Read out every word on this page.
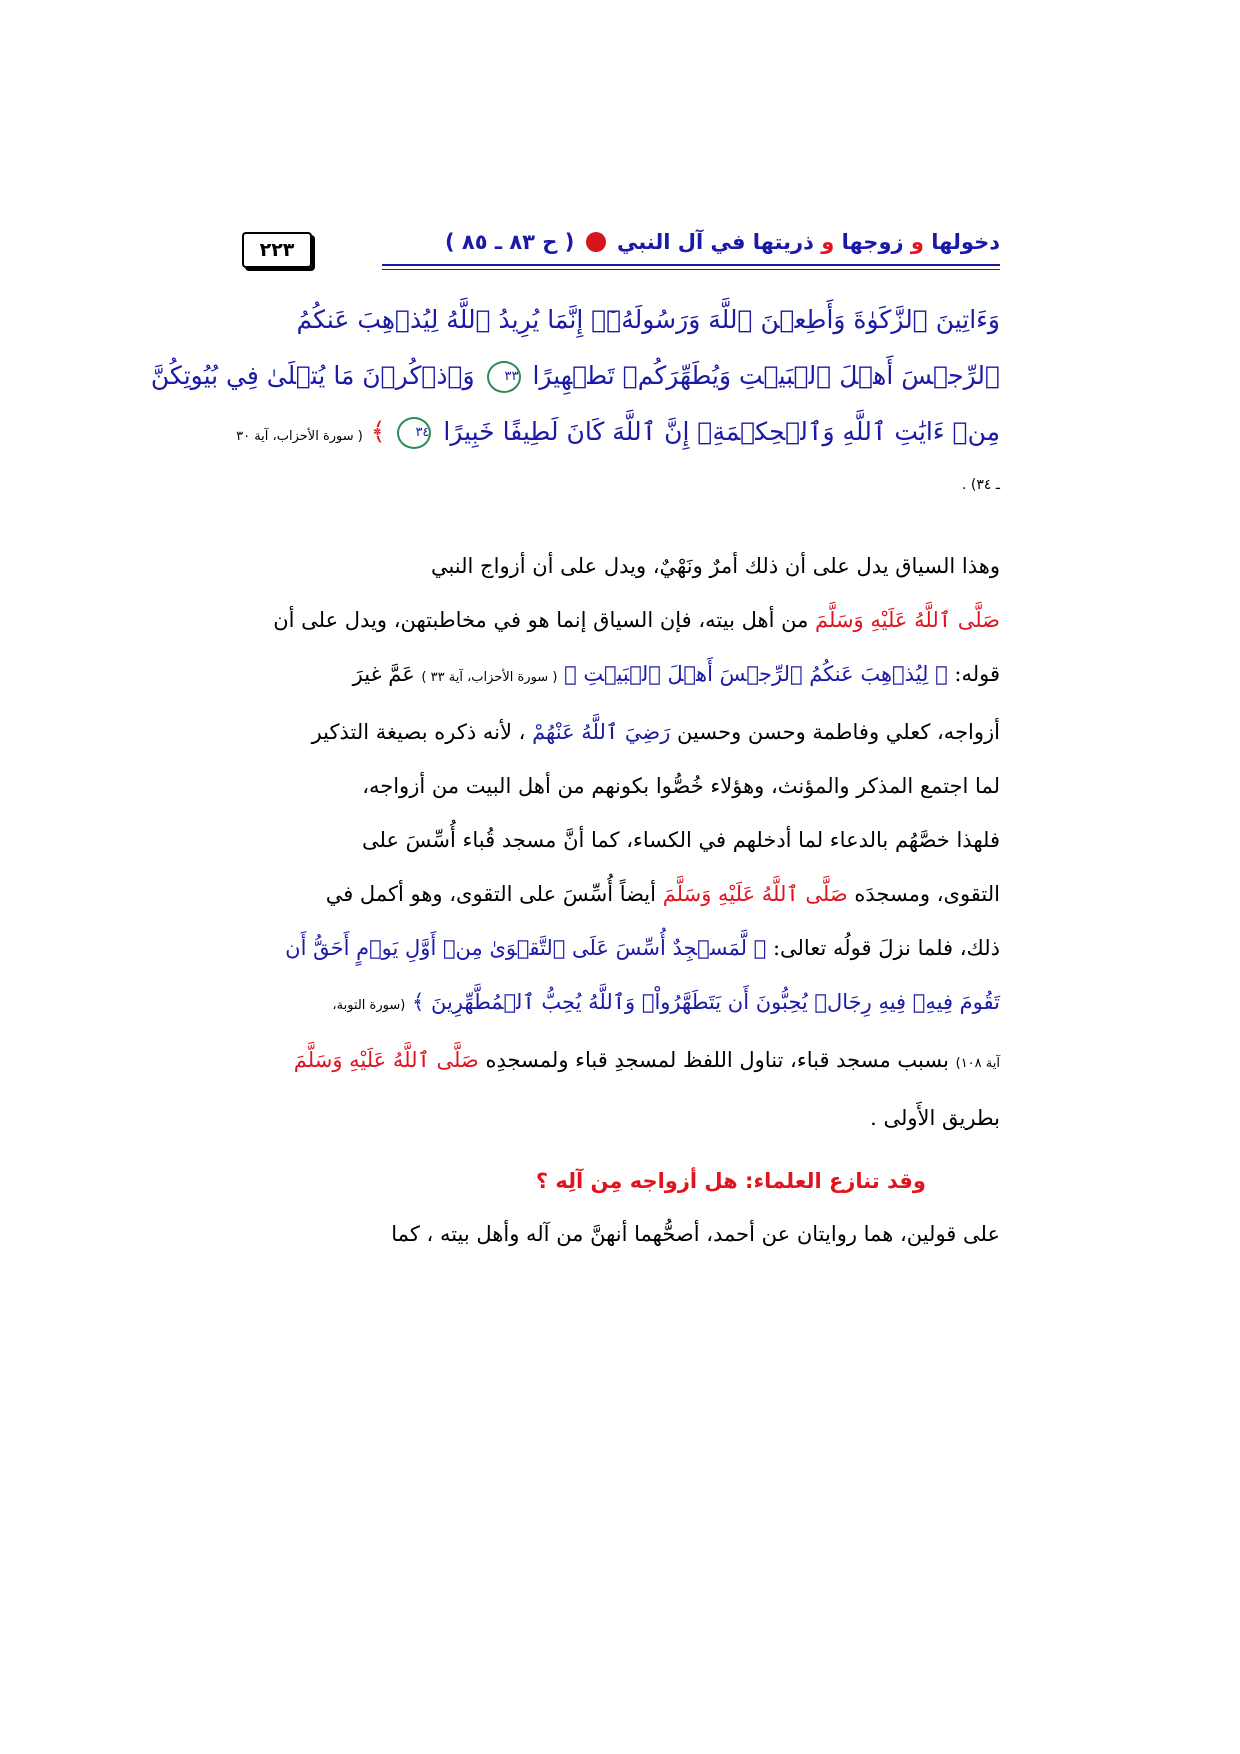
دخولها و زوجها و ذريتها في آل النبي  ( ح ٨٣ ـ ٨٥ )
٢٢٣
وَءَاتِينَ ٱلزَّكَوٰةَ وَأَطِعۡنَ ٱللَّهَ وَرَسُولَهُۥٓۚ إِنَّمَا يُرِيدُ ٱللَّهُ لِيُذۡهِبَ عَنكُمُ
ٱلرِّجۡسَ أَهۡلَ ٱلۡبَيۡتِ وَيُطَهِّرَكُمۡ تَطۡهِيرًا ٣٣ وَٱذۡكُرۡنَ مَا يُتۡلَىٰ فِي بُيُوتِكُنَّ
مِنۡ ءَايَٰتِ ٱللَّهِ وَٱلۡحِكۡمَةِۚ إِنَّ ٱللَّهَ كَانَ لَطِيفًا خَبِيرًا ٣٤ ﴾ ( سورة الأحزاب، آية ٣٠
ـ ٣٤) .
وهذا السياق يدل على أن ذلك أمرٌ ونَهْيٌ، ويدل على أن أزواج النبي
صَلَّى ٱللَّهُ عَلَيْهِ وَسَلَّمَ من أهل بيته، فإن السياق إنما هو في مخاطبتهن، ويدل على أن
قوله: ﴿ لِيُذۡهِبَ عَنكُمُ ٱلرِّجۡسَ أَهۡلَ ٱلۡبَيۡتِ ﴾ ( سورة الأحزاب، آية ٣٣ ) عَمَّ غيرَ
أزواجه، كعلي وفاطمة وحسن وحسين رَضِيَ ٱللَّهُ عَنْهُمْ ، لأنه ذكره بصيغة التذكير
لما اجتمع المذكر والمؤنث، وهؤلاء خُصُّوا بكونهم من أهل البيت من أزواجه،
فلهذا خصَّهُم بالدعاء لما أدخلهم في الكساء، كما أنَّ مسجد قُباء أُسِّسَ على
التقوى، ومسجدَه صَلَّى ٱللَّهُ عَلَيْهِ وَسَلَّمَ أيضاً أُسِّسَ على التقوى، وهو أكمل في
ذلك، فلما نزلَ قولُه تعالى: ﴿ لَّمَسۡجِدٌ أُسِّسَ عَلَى ٱلتَّقۡوَىٰ مِنۡ أَوَّلِ يَوۡمٍ أَحَقُّ أَن
تَقُومَ فِيهِۚ فِيهِ رِجَالٞ يُحِبُّونَ أَن يَتَطَهَّرُواْۚ وَٱللَّهُ يُحِبُّ ٱلۡمُطَّهِّرِينَ ﴾ (سورة التوبة،
آية ١٠٨) بسبب مسجد قباء، تناول اللفظ لمسجدِ قباء ولمسجدِه صَلَّى ٱللَّهُ عَلَيْهِ وَسَلَّمَ
بطريق الأَولى .
وقد تنازع العلماء: هل أزواجه مِن آلِه ؟
على قولين، هما روايتان عن أحمد، أصحُّهما أنهنَّ من آله وأهل بيته ، كما
